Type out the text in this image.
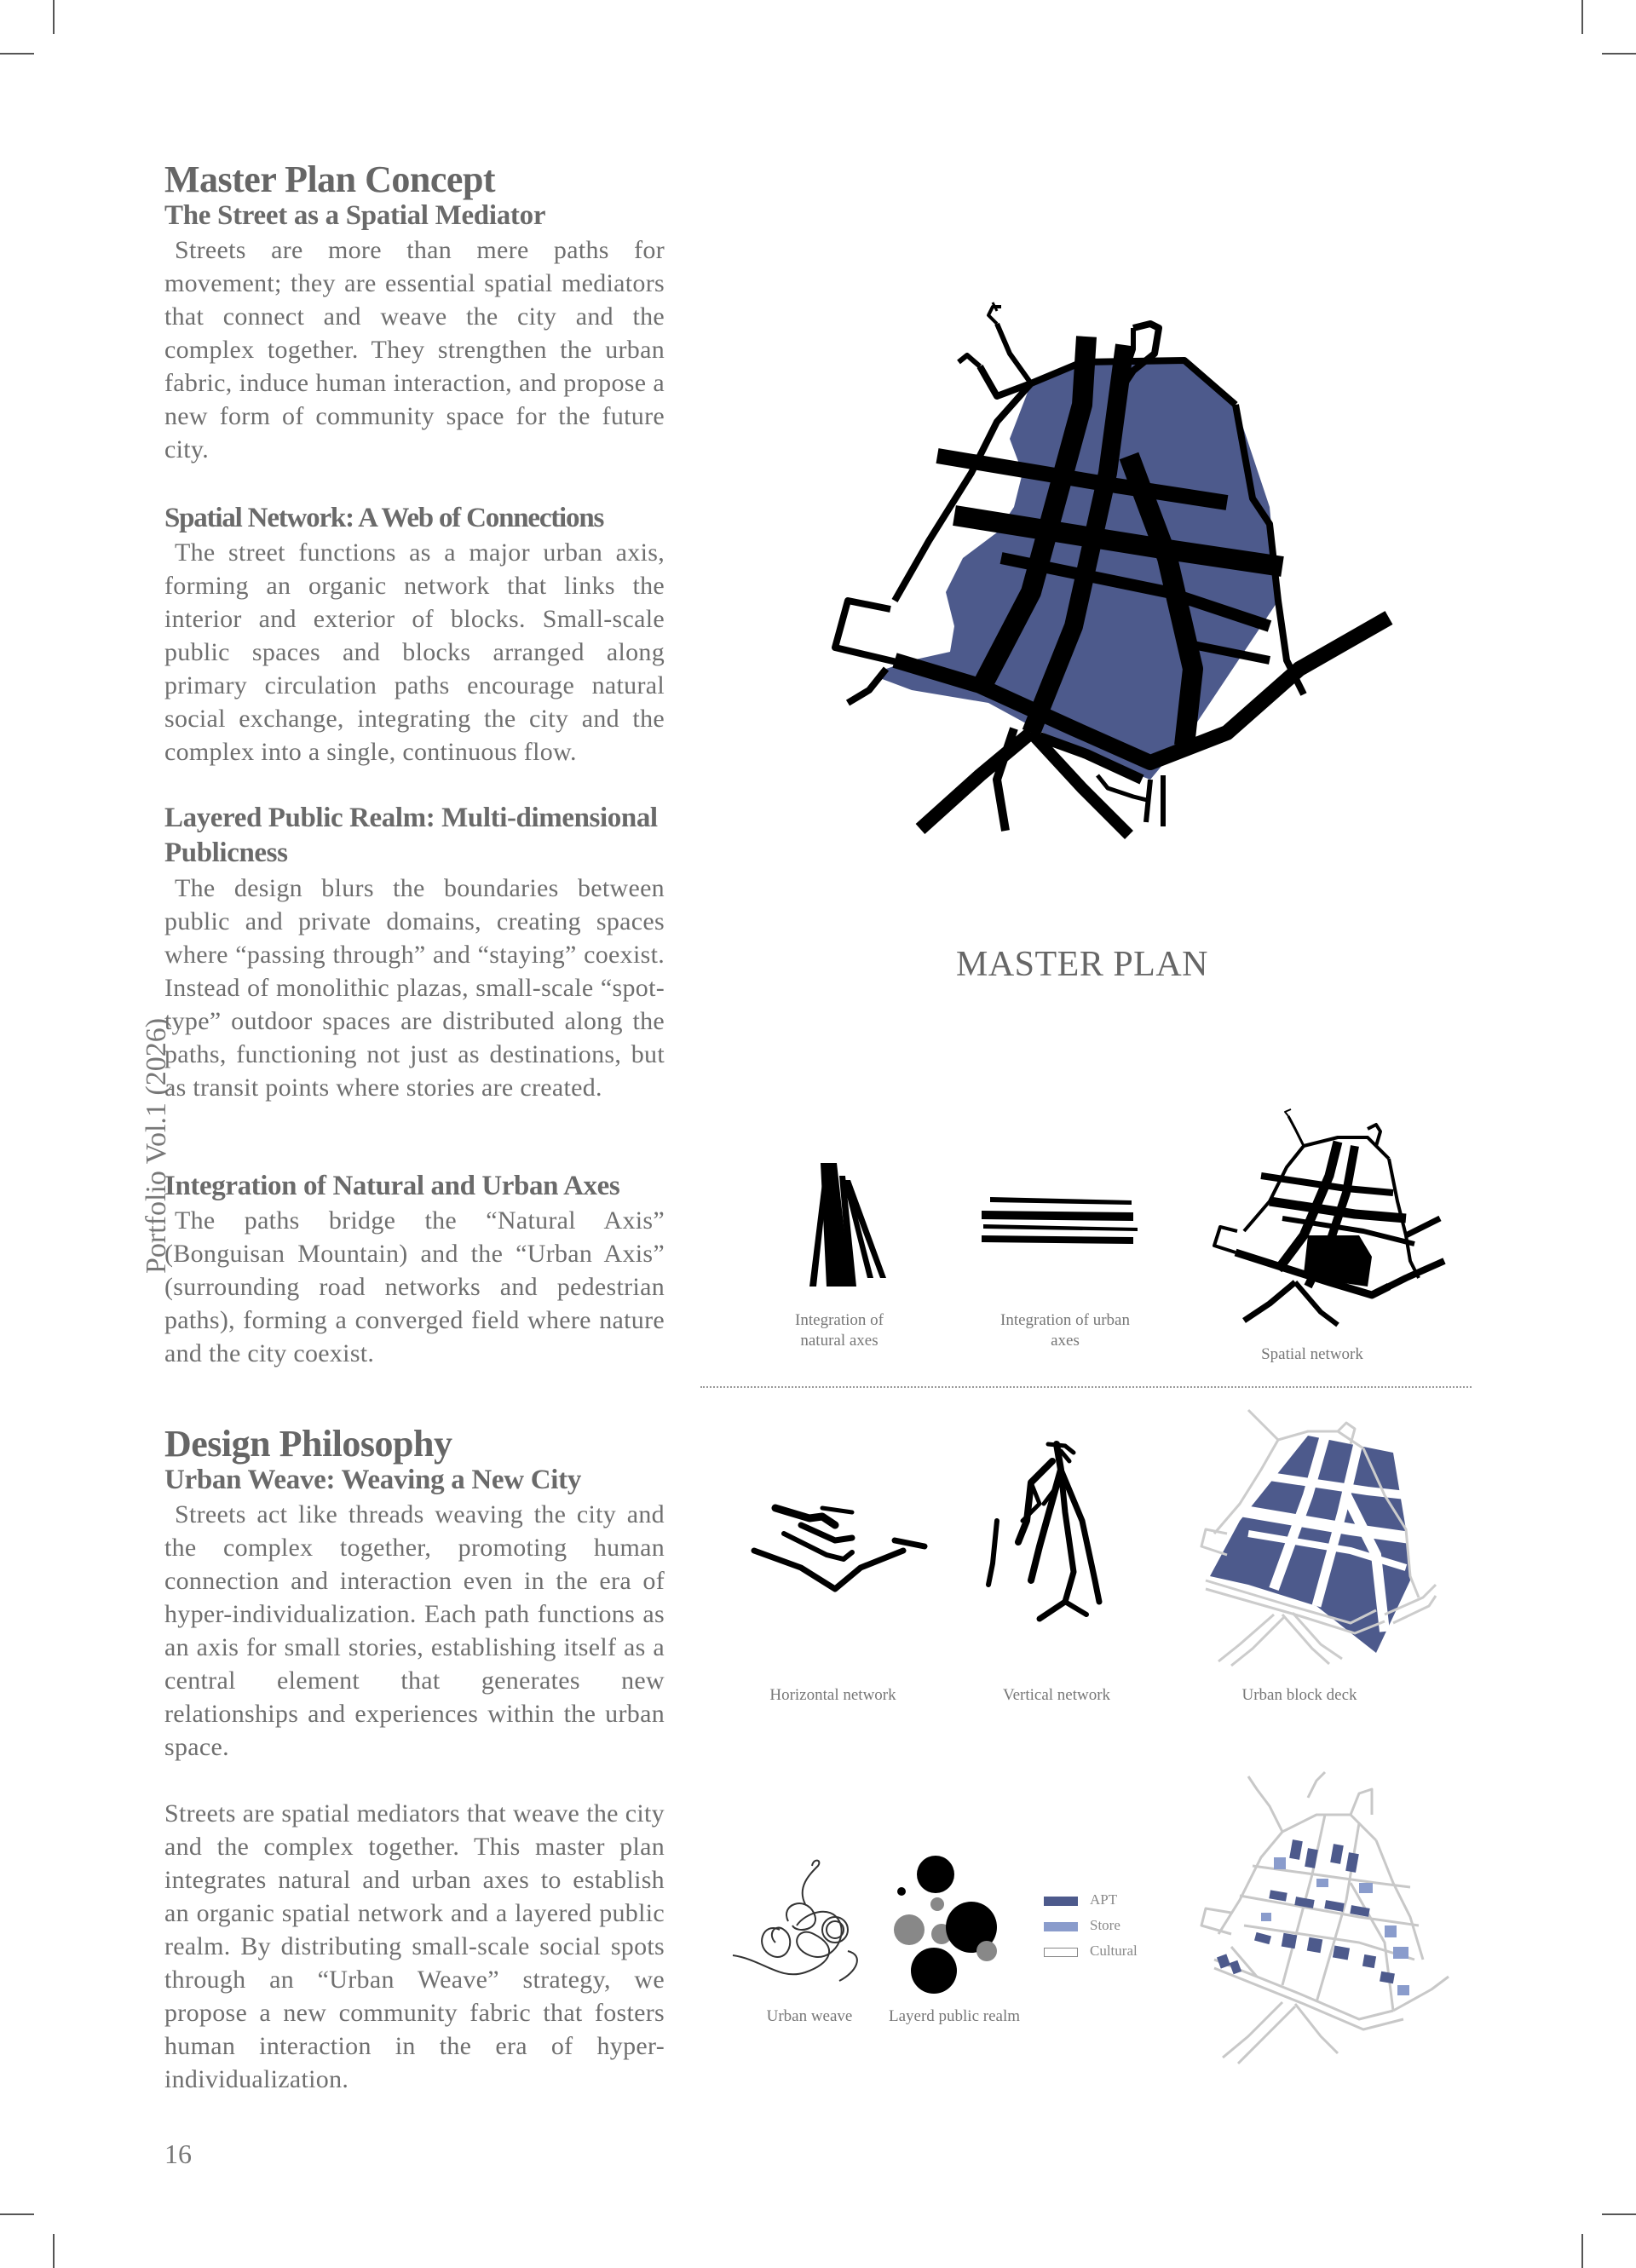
Portfolio Vol.1 (2026)
Master Plan Concept
The Street as a Spatial Mediator

Streets are more than mere paths for movement; they are essential spatial mediators that connect and weave the city and the complex together. They strengthen the urban fabric, induce human interaction, and propose a new form of community space for the future city.

Spatial Network: A Web of Connections

The street functions as a major urban axis, forming an organic network that links the interior and exterior of blocks. Small-scale public spaces and blocks arranged along primary circulation paths encourage natural social exchange, integrating the city and the complex into a single, continuous flow.

Layered Public Realm: Multi-dimensional Publicness

The design blurs the boundaries between public and private domains, creating spaces where “passing through” and “staying” coexist. Instead of monolithic plazas, small-scale “spot-type” outdoor spaces are distributed along the paths, functioning not just as destinations, but as transit points where stories are created.

Integration of Natural and Urban Axes

The paths bridge the “Natural Axis” (Bonguisan Mountain) and the “Urban Axis” (surrounding road networks and pedestrian paths), forming a converged field where nature and the city coexist.

Design Philosophy
Urban Weave: Weaving a New City

Streets act like threads weaving the city and the complex together, promoting human connection and interaction even in the era of hyper-individualization. Each path functions as an axis for small stories, establishing itself as a central element that generates new relationships and experiences within the urban space.

Streets are spatial mediators that weave the city and the complex together. This master plan integrates natural and urban axes to establish an organic spatial network and a layered public realm. By distributing small-scale social spots through an “Urban Weave” strategy, we propose a new community fabric that fosters human interaction in the era of hyper-individualization.

16
MASTER PLAN
Integration of natural axes
Integration of urban axes
Spatial network
Horizontal network	Vertical network	Urban block deck
Urban weave	Layerd public realm
APT
Store
Cultural
